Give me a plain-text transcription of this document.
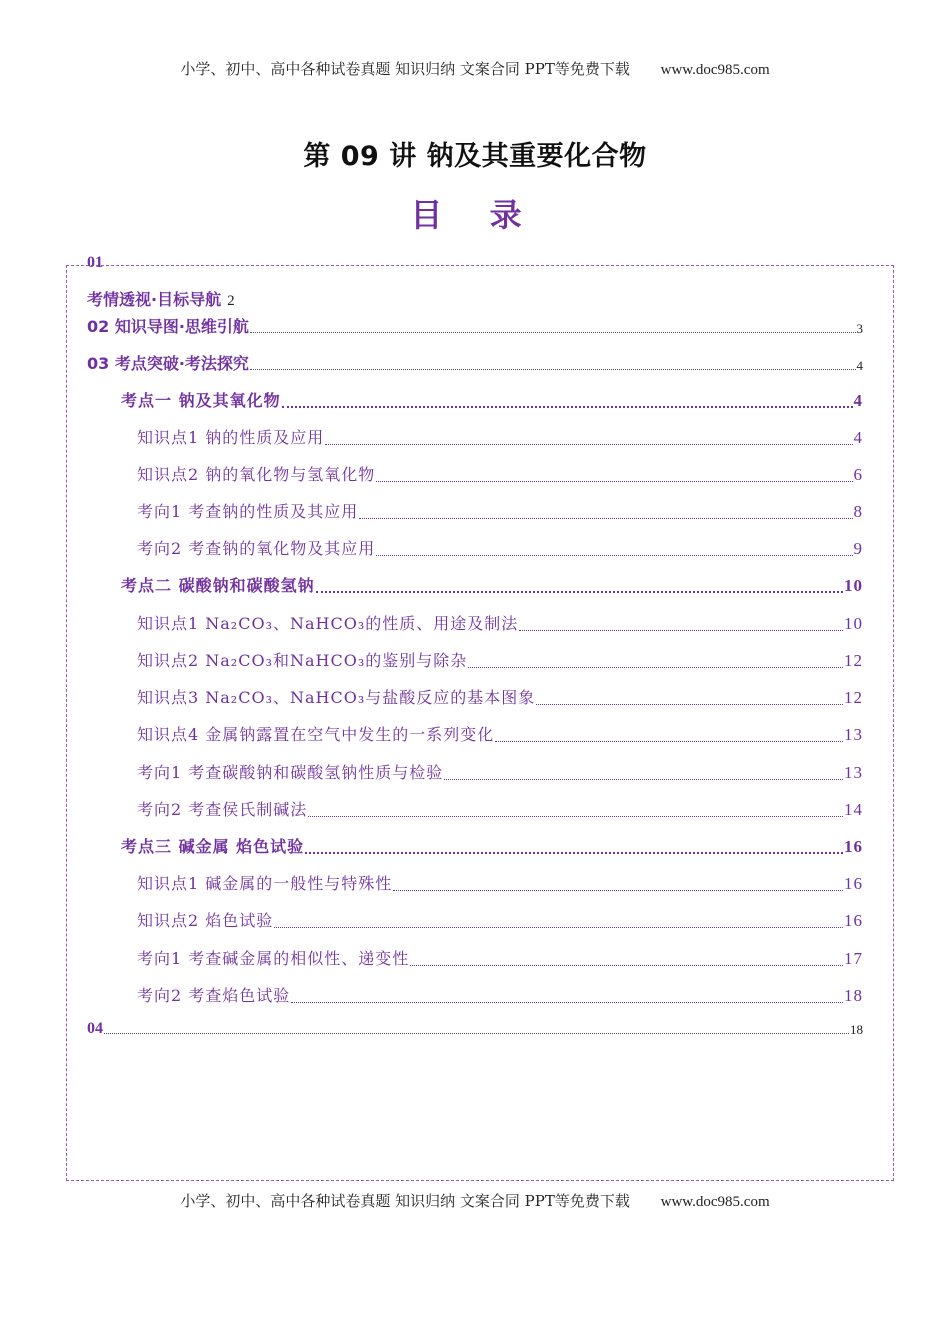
小学、初中、高中各种试卷真题 知识归纳 文案合同 PPT等免费下载 www.doc985.com
第 09 讲 钠及其重要化合物
目 录
01
考情透视·目标导航 2
02 知识导图·思维引航	3
03 考点突破·考法探究	4
考点一 钠及其氧化物	4
知识点1 钠的性质及应用	4
知识点2 钠的氧化物与氢氧化物	6
考向1 考查钠的性质及其应用	8
考向2 考查钠的氧化物及其应用	9
考点二 碳酸钠和碳酸氢钠	10
知识点1 Na₂CO₃、NaHCO₃的性质、用途及制法	10
知识点2 Na₂CO₃和NaHCO₃的鉴别与除杂	12
知识点3 Na₂CO₃、NaHCO₃与盐酸反应的基本图象	12
知识点4 金属钠露置在空气中发生的一系列变化	13
考向1 考查碳酸钠和碳酸氢钠性质与检验	13
考向2 考查侯氏制碱法	14
考点三 碱金属 焰色试验	16
知识点1 碱金属的一般性与特殊性	16
知识点2 焰色试验	16
考向1 考查碱金属的相似性、递变性	17
考向2 考查焰色试验	18
04	18
小学、初中、高中各种试卷真题 知识归纳 文案合同 PPT等免费下载 www.doc985.com
